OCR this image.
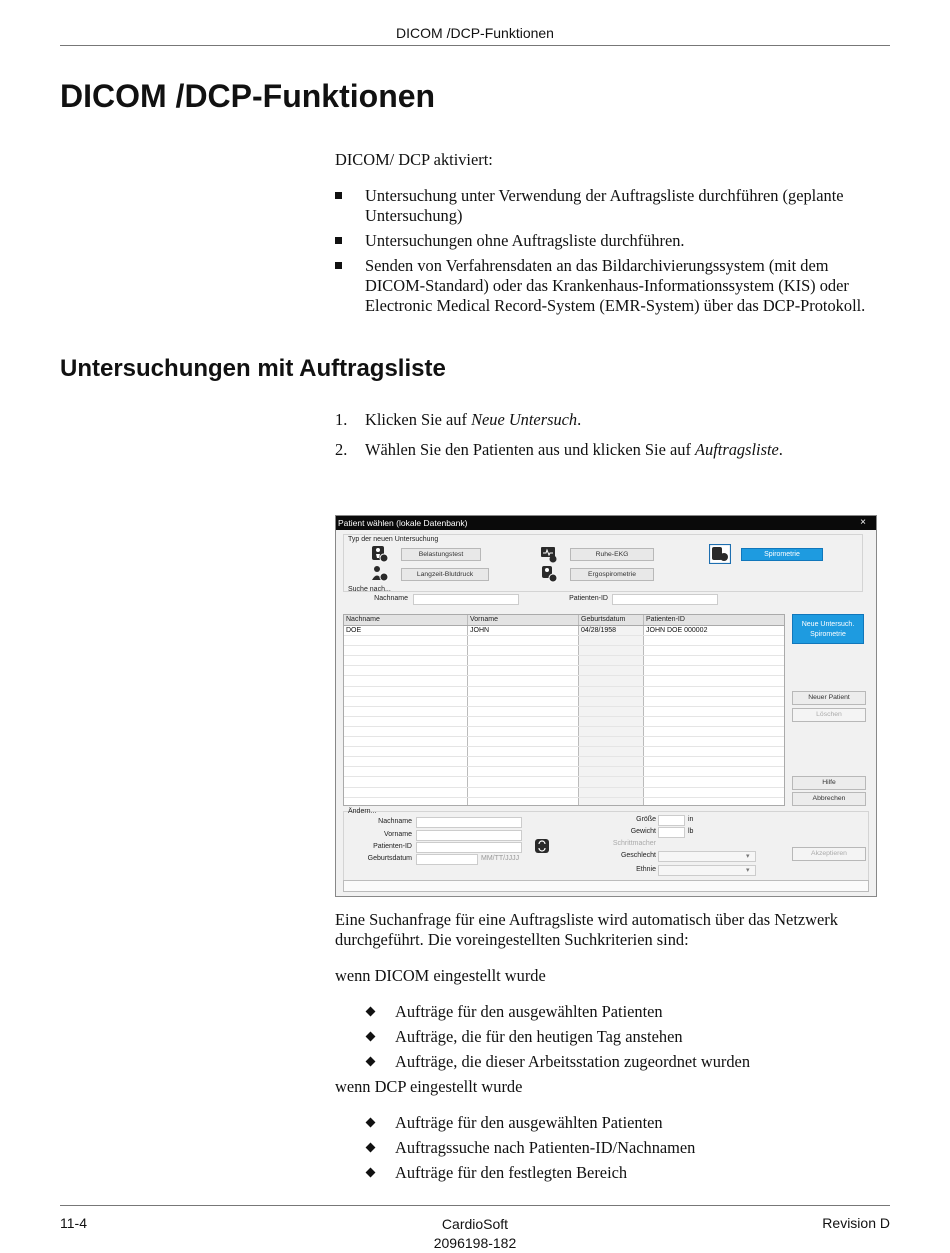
DICOM /DCP-Funktionen
DICOM /DCP-Funktionen

DICOM/ DCP aktiviert:

Untersuchung unter Verwendung der Auftragsliste durchführen (geplante Untersuchung)
Untersuchungen ohne Auftragsliste durchführen.
Senden von Verfahrensdaten an das Bildarchivierungssystem (mit dem DICOM-Standard) oder das Krankenhaus-Informationssystem (KIS) oder Electronic Medical Record-System (EMR-System) über das DCP-Protokoll.
Untersuchungen mit Auftragsliste
1. Klicken Sie auf Neue Untersuch.
2. Wählen Sie den Patienten aus und klicken Sie auf Auftragsliste.
Patient wählen (lokale Datenbank)	×
Typ der neuen Untersuchung
Belastungstest	Ruhe-EKG	Spirometrie
Langzeit-Blutdruck	Ergospirometrie
Suche nach...
Nachname	Patienten-ID
Nachname	Vorname	Geburtsdatum	Patienten-ID
DOE	JOHN	04/28/1958	JOHN DOE 000002
Neue Untersuch.
Spirometrie
Neuer Patient
Löschen
Hilfe
Abbrechen
Ändern...
Nachname
Vorname
Patienten-ID
Geburtsdatum	MM/TT/JJJJ
Größe	in
Gewicht	lb
Schrittmacher
Geschlecht	▾
Ethnie	▾
Akzeptieren

Eine Suchanfrage für eine Auftragsliste wird automatisch über das Netzwerk durchgeführt. Die voreingestellten Suchkriterien sind:

wenn DICOM eingestellt wurde

Aufträge für den ausgewählten Patienten
Aufträge, die für den heutigen Tag anstehen
Aufträge, die dieser Arbeitsstation zugeordnet wurden

wenn DCP eingestellt wurde

Aufträge für den ausgewählten Patienten
Auftragssuche nach Patienten-ID/Nachnamen
Aufträge für den festlegten Bereich
11-4	CardioSoft
2096198-182
Revision D
